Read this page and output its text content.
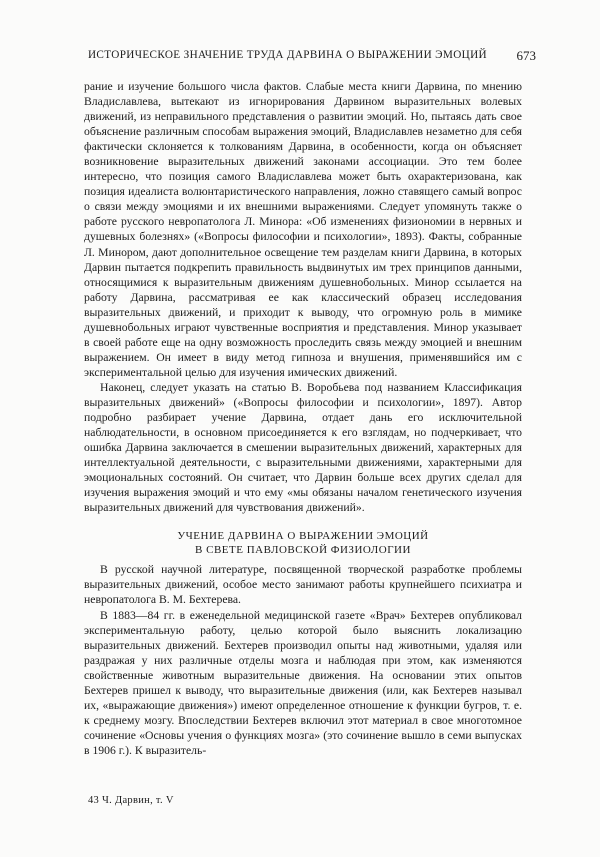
ИСТОРИЧЕСКОЕ ЗНАЧЕНИЕ ТРУДА ДАРВИНА О ВЫРАЖЕНИИ ЭМОЦИЙ	673

рание и изучение большого числа фактов. Слабые места книги Дарвина, по мнению Владиславлева, вытекают из игнорирования Дарвином выразительных волевых движений, из неправильного представления о развитии эмоций. Но, пытаясь дать свое объяснение различным способам выражения эмоций, Владиславлев незаметно для себя фактически склоняется к толкованиям Дарвина, в особенности, когда он объясняет возникновение выразительных движений законами ассоциации. Это тем более интересно, что позиция самого Владиславлева может быть охарактеризована, как позиция идеалиста волюнтаристического направления, ложно ставящего самый вопрос о связи между эмоциями и их внешними выражениями. Следует упомянуть также о работе русского невропатолога Л. Минора: «Об изменениях физиономии в нервных и душевных болезнях» («Вопросы философии и психологии», 1893). Факты, собранные Л. Минором, дают дополнительное освещение тем разделам книги Дарвина, в которых Дарвин пытается подкрепить правильность выдвинутых им трех принципов данными, относящимися к выразительным движениям душевнобольных. Минор ссылается на работу Дарвина, рассматривая ее как классический образец исследования выразительных движений, и приходит к выводу, что огромную роль в мимике душевнобольных играют чувственные восприятия и представления. Минор указывает в своей работе еще на одну возможность проследить связь между эмоцией и внешним выражением. Он имеет в виду метод гипноза и внушения, применявшийся им с экспериментальной целью для изучения имических движений.

Наконец, следует указать на статью В. Воробьева под названием Классификация выразительных движений» («Вопросы философии и психологии», 1897). Автор подробно разбирает учение Дарвина, отдает дань его исключительной наблюдательности, в основном присоединяется к его взглядам, но подчеркивает, что ошибка Дарвина заключается в смешении выразительных движений, характерных для интеллектуальной деятельности, с выразительными движениями, характерными для эмоциональных состояний. Он считает, что Дарвин больше всех других сделал для изучения выражения эмоций и что ему «мы обязаны началом генетического изучения выразительных движений для чувствования движений».

УЧЕНИЕ ДАРВИНА О ВЫРАЖЕНИИ ЭМОЦИЙ
В СВЕТЕ ПАВЛОВСКОЙ ФИЗИОЛОГИИ

В русской научной литературе, посвященной творческой разработке проблемы выразительных движений, особое место занимают работы крупнейшего психиатра и невропатолога В. М. Бехтерева.

В 1883—84 гг. в еженедельной медицинской газете «Врач» Бехтерев опубликовал экспериментальную работу, целью которой было выяснить локализацию выразительных движений. Бехтерев производил опыты над животными, удаляя или раздражая у них различные отделы мозга и наблюдая при этом, как изменяются свойственные животным выразительные движения. На основании этих опытов Бехтерев пришел к выводу, что выразительные движения (или, как Бехтерев называл их, «выражающие движения») имеют определенное отношение к функции бугров, т. е. к среднему мозгу. Впоследствии Бехтерев включил этот материал в свое многотомное сочинение «Основы учения о функциях мозга» (это сочинение вышло в семи выпусках в 1906 г.). К выразитель-

43 Ч. Дарвин, т. V
